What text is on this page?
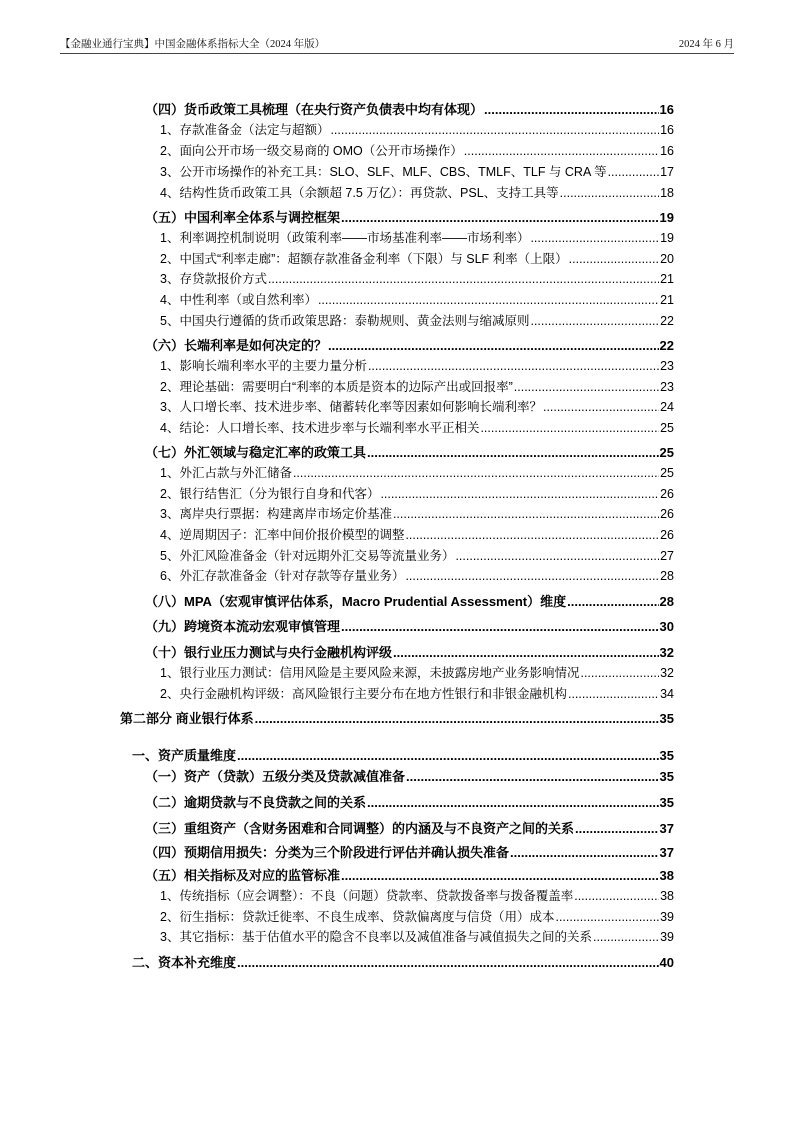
【金融业通行宝典】中国金融体系指标大全（2024 年版）	2024 年 6 月
（四）货币政策工具梳理（在央行资产负债表中均有体现） .....	16
1、存款准备金（法定与超额） .....	16
2、面向公开市场一级交易商的 OMO（公开市场操作） .....	16
3、公开市场操作的补充工具：SLO、SLF、MLF、CBS、TMLF、TLF 与 CRA 等 .....	17
4、结构性货币政策工具（余额超 7.5 万亿）：再贷款、PSL、支持工具等 .....	18
（五）中国利率全体系与调控框架 .....	19
1、利率调控机制说明（政策利率——市场基准利率——市场利率） .....	19
2、中国式“利率走廊”：超额存款准备金利率（下限）与 SLF 利率（上限） .....	20
3、存贷款报价方式 .....	21
4、中性利率（或自然利率） .....	21
5、中国央行遵循的货币政策思路：泰勒规则、黄金法则与缩减原则 .....	22
（六）长端利率是如何决定的？ .....	22
1、影响长端利率水平的主要力量分析 .....	23
2、理论基础：需要明白“利率的本质是资本的边际产出或回报率” .....	23
3、人口增长率、技术进步率、储蓄转化率等因素如何影响长端利率？ .....	24
4、结论：人口增长率、技术进步率与长端利率水平正相关 .....	25
（七）外汇领域与稳定汇率的政策工具 .....	25
1、外汇占款与外汇储备 .....	25
2、银行结售汇（分为银行自身和代客） .....	26
3、离岸央行票据：构建离岸市场定价基准 .....	26
4、逆周期因子：汇率中间价报价模型的调整 .....	26
5、外汇风险准备金（针对远期外汇交易等流量业务） .....	27
6、外汇存款准备金（针对存款等存量业务） .....	28
（八）MPA（宏观审慎评估体系，Macro Prudential Assessment）维度 .....	28
（九）跨境资本流动宏观审慎管理 .....	30
（十）银行业压力测试与央行金融机构评级 .....	32
1、银行业压力测试：信用风险是主要风险来源，未披露房地产业务影响情况 .....	32
2、央行金融机构评级：高风险银行主要分布在地方性银行和非银金融机构 .....	34
第二部分 商业银行体系 .....	35
一、资产质量维度 .....	35
（一）资产（贷款）五级分类及贷款减值准备 .....	35
（二）逾期贷款与不良贷款之间的关系 .....	35
（三）重组资产（含财务困难和合同调整）的内涵及与不良资产之间的关系 .....	37
（四）预期信用损失：分类为三个阶段进行评估并确认损失准备 .....	37
（五）相关指标及对应的监管标准 .....	38
1、传统指标（应会调整）：不良（问题）贷款率、贷款拨备率与拨备覆盖率 .....	38
2、衍生指标：贷款迁徙率、不良生成率、贷款偏离度与信贷（用）成本 .....	39
3、其它指标：基于估值水平的隐含不良率以及减值准备与减值损失之间的关系 .....	39
二、资本补充维度 .....	40
